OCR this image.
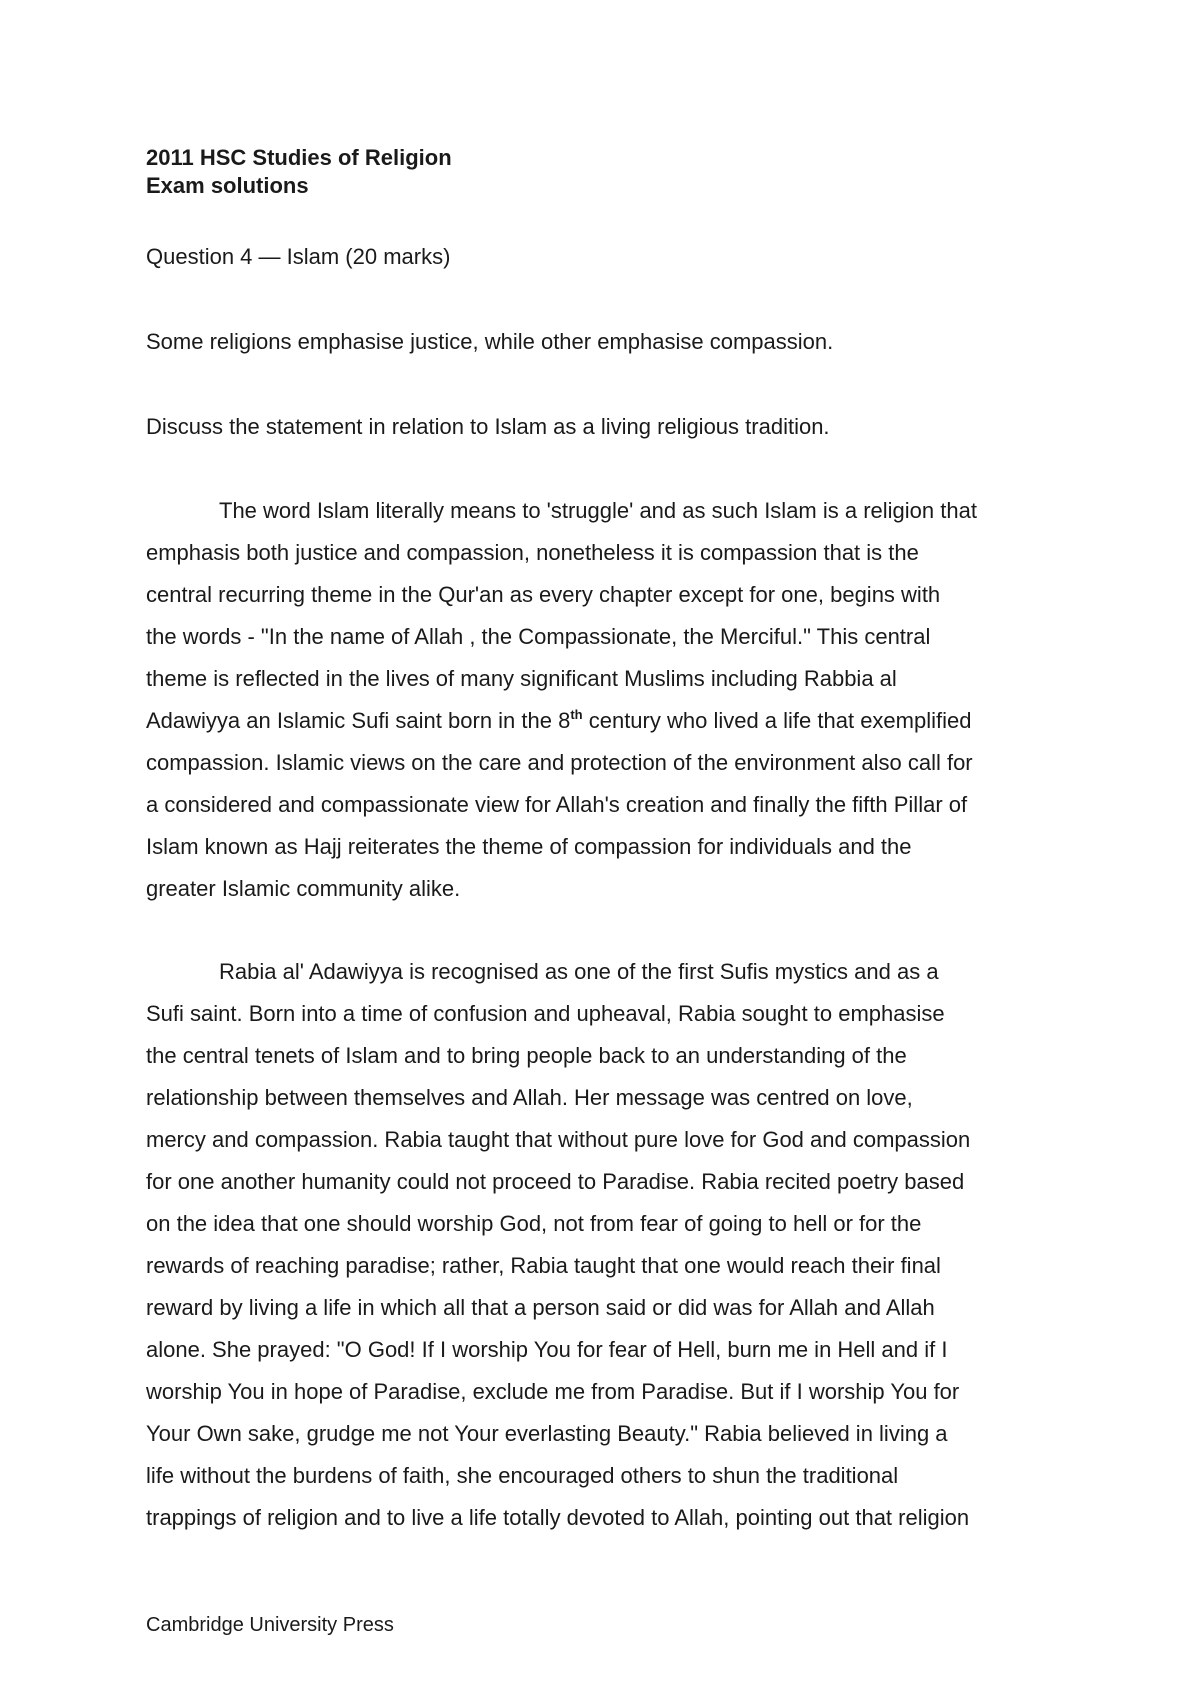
2011 HSC Studies of Religion
Exam solutions

Question 4 — Islam (20 marks)

Some religions emphasise justice, while other emphasise compassion.

Discuss the statement in relation to Islam as a living religious tradition.

The word Islam literally means to 'struggle' and as such Islam is a religion that
emphasis both justice and compassion, nonetheless it is compassion that is the
central recurring theme in the Qur'an as every chapter except for one, begins with
the words - "In the name of Allah , the Compassionate, the Merciful." This central
theme is reflected in the lives of many significant Muslims including Rabbia al
Adawiyya an Islamic Sufi saint born in the 8th century who lived a life that exemplified
compassion. Islamic views on the care and protection of the environment also call for
a considered and compassionate view for Allah's creation and finally the fifth Pillar of
Islam known as Hajj reiterates the theme of compassion for individuals and the
greater Islamic community alike.
Rabia al' Adawiyya is recognised as one of the first Sufis mystics and as a
Sufi saint. Born into a time of confusion and upheaval, Rabia sought to emphasise
the central tenets of Islam and to bring people back to an understanding of the
relationship between themselves and Allah. Her message was centred on love,
mercy and compassion. Rabia taught that without pure love for God and compassion
for one another humanity could not proceed to Paradise. Rabia recited poetry based
on the idea that one should worship God, not from fear of going to hell or for the
rewards of reaching paradise; rather, Rabia taught that one would reach their final
reward by living a life in which all that a person said or did was for Allah and Allah
alone. She prayed: "O God! If I worship You for fear of Hell, burn me in Hell and if I
worship You in hope of Paradise, exclude me from Paradise. But if I worship You for
Your Own sake, grudge me not Your everlasting Beauty." Rabia believed in living a
life without the burdens of faith, she encouraged others to shun the traditional
trappings of religion and to live a life totally devoted to Allah, pointing out that religion

Cambridge University Press
